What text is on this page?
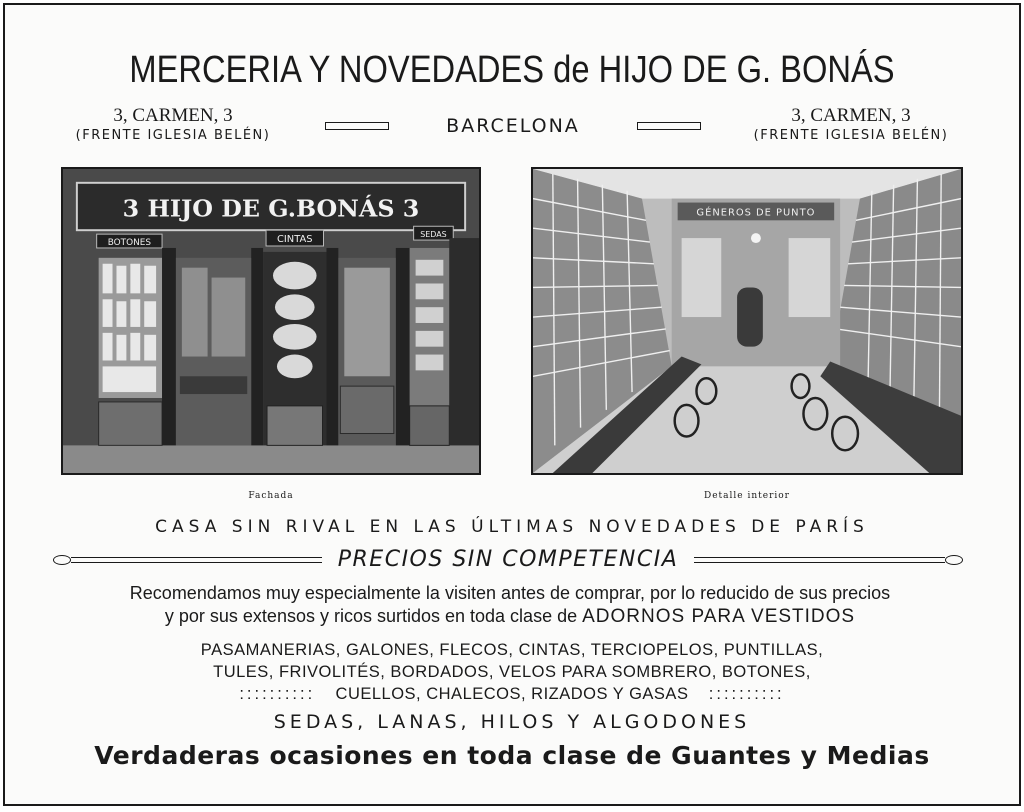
MERCERIA Y NOVEDADES de HIJO DE G. BONÁS
3, CARMEN, 3
(FRENTE IGLESIA BELÉN)	BARCELONA	3, CARMEN, 3
(FRENTE IGLESIA BELÉN)
3 HIJO DE G.BONÁS 3
BOTONES	CINTAS	SEDAS
GÉNEROS DE PUNTO
Fachada	Detalle interior
CASA SIN RIVAL EN LAS ÚLTIMAS NOVEDADES DE PARÍS
PRECIOS SIN COMPETENCIA
Recomendamos muy especialmente la visiten antes de comprar, por lo reducido de sus precios
y por sus extensos y ricos surtidos en toda clase de ADORNOS PARA VESTIDOS
PASAMANERIAS, GALONES, FLECOS, CINTAS, TERCIOPELOS, PUNTILLAS,
TULES, FRIVOLITÉS, BORDADOS, VELOS PARA SOMBRERO, BOTONES,
:::::::::: CUELLOS, CHALECOS, RIZADOS Y GASAS ::::::::::
SEDAS, LANAS, HILOS Y ALGODONES
Verdaderas ocasiones en toda clase de Guantes y Medias
